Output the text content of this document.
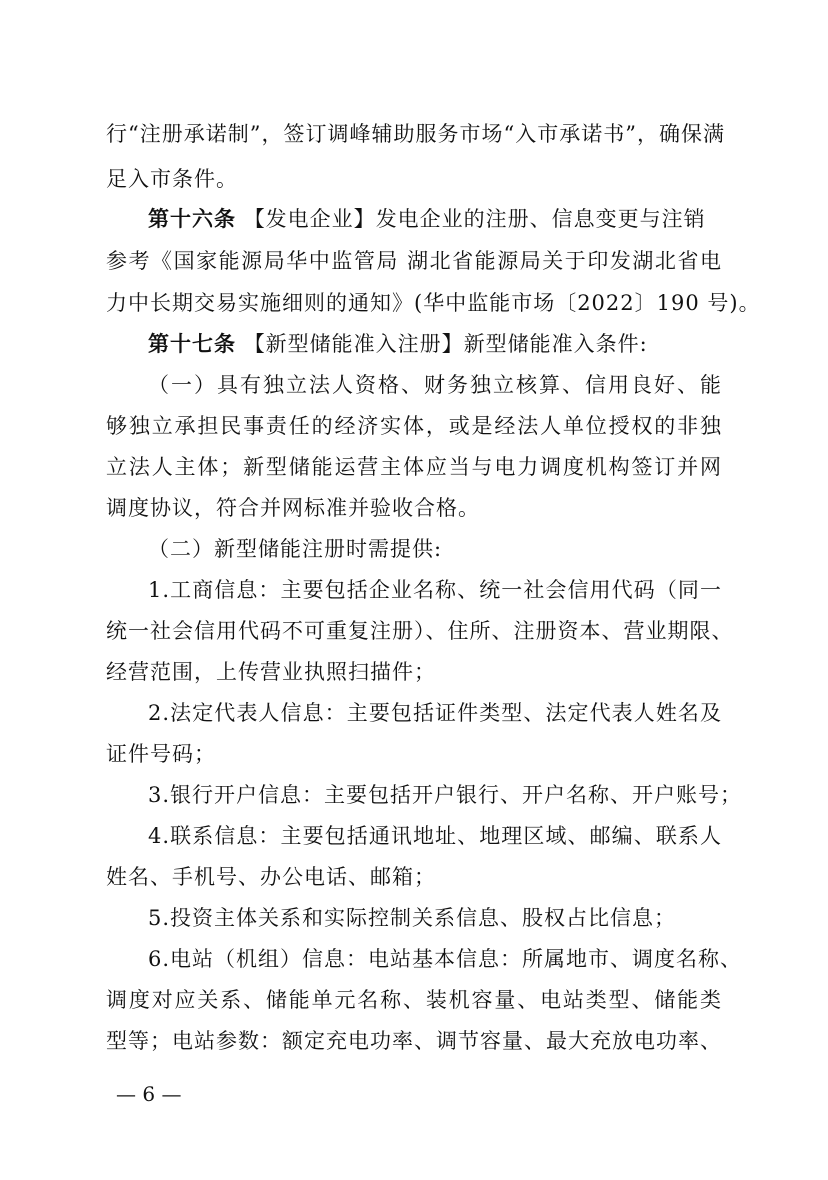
行“注册承诺制”，签订调峰辅助服务市场“入市承诺书”，确保满
足入市条件。
第十六条 【发电企业】发电企业的注册、信息变更与注销
参考《国家能源局华中监管局 湖北省能源局关于印发湖北省电
力中长期交易实施细则的通知》(华中监能市场〔2022〕190 号)。
第十七条 【新型储能准入注册】新型储能准入条件:
（一）具有独立法人资格、财务独立核算、信用良好、能
够独立承担民事责任的经济实体，或是经法人单位授权的非独
立法人主体；新型储能运营主体应当与电力调度机构签订并网
调度协议，符合并网标准并验收合格。
（二）新型储能注册时需提供:
1.工商信息：主要包括企业名称、统一社会信用代码（同一
统一社会信用代码不可重复注册）、住所、注册资本、营业期限、
经营范围，上传营业执照扫描件；
2.法定代表人信息：主要包括证件类型、法定代表人姓名及
证件号码；
3.银行开户信息：主要包括开户银行、开户名称、开户账号；
4.联系信息：主要包括通讯地址、地理区域、邮编、联系人
姓名、手机号、办公电话、邮箱；
5.投资主体关系和实际控制关系信息、股权占比信息；
6.电站（机组）信息：电站基本信息：所属地市、调度名称、
调度对应关系、储能单元名称、装机容量、电站类型、储能类
型等；电站参数：额定充电功率、调节容量、最大充放电功率、
— 6 —
